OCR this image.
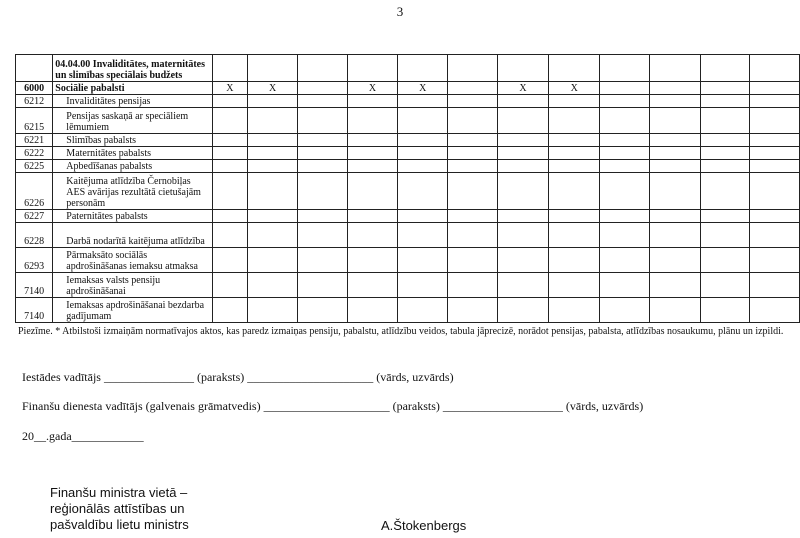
3
	04.04.00 Invaliditātes, maternitātes un slimības speciālais budžets												
6000	Sociālie pabalsti	X	X		X	X		X	X				
6212	Invaliditātes pensijas												
6215	Pensijas saskaņā ar speciāliem lēmumiem												
6221	Slimības pabalsts												
6222	Maternitātes pabalsts												
6225	Apbedīšanas pabalsts												
6226	Kaitējuma atlīdzība Černobiļas AES avārijas rezultātā cietušajām personām												
6227	Paternitātes pabalsts												
6228	Darbā nodarītā kaitējuma atlīdzība												
6293	Pārmaksāto sociālās apdrošināšanas iemaksu atmaksa												
7140	Iemaksas valsts pensiju apdrošināšanai												
7140	Iemaksas apdrošināšanai bezdarba gadījumam												
Piezīme. * Atbilstoši izmaiņām normatīvajos aktos, kas paredz izmaiņas pensiju, pabalstu, atlīdzību veidos, tabula jāprecizē, norādot pensijas, pabalsta, atlīdzības nosaukumu, plānu un izpildi.
Iestādes vadītājs _______________ (paraksts) _____________________ (vārds, uzvārds)
Finanšu dienesta vadītājs (galvenais grāmatvedis) _____________________ (paraksts) ____________________ (vārds, uzvārds)
20__.gada____________
Finanšu ministra vietā –
reģionālās attīstības un
pašvaldību lietu ministrs	A.Štokenbergs
